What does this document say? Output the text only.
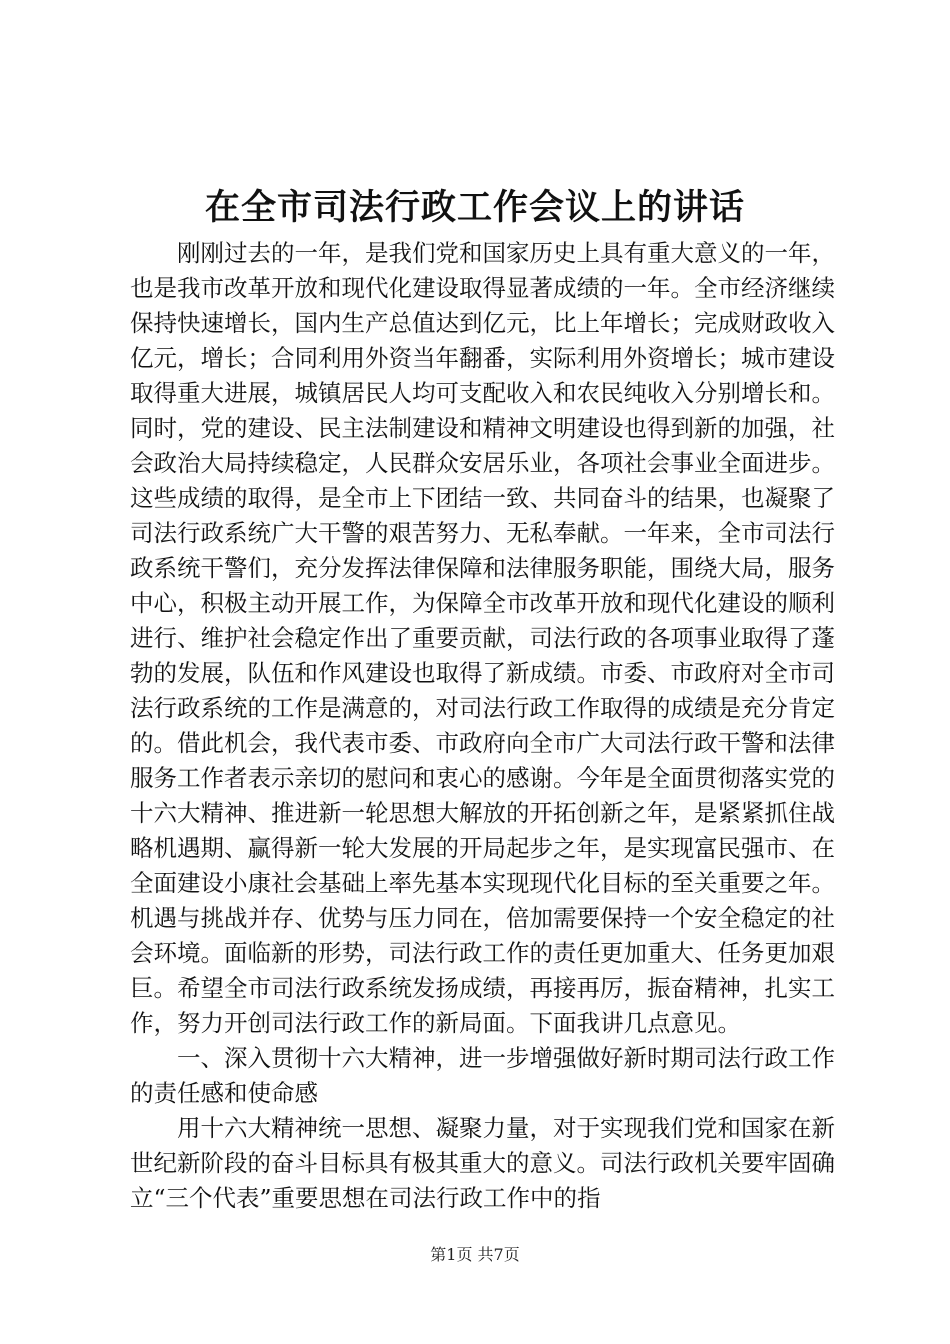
在全市司法行政工作会议上的讲话

刚刚过去的一年，是我们党和国家历史上具有重大意义的一年，也是我市改革开放和现代化建设取得显著成绩的一年。全市经济继续保持快速增长，国内生产总值达到亿元，比上年增长；完成财政收入亿元，增长；合同利用外资当年翻番，实际利用外资增长；城市建设取得重大进展，城镇居民人均可支配收入和农民纯收入分别增长和。同时，党的建设、民主法制建设和精神文明建设也得到新的加强，社会政治大局持续稳定，人民群众安居乐业，各项社会事业全面进步。这些成绩的取得，是全市上下团结一致、共同奋斗的结果，也凝聚了司法行政系统广大干警的艰苦努力、无私奉献。一年来，全市司法行政系统干警们，充分发挥法律保障和法律服务职能，围绕大局，服务中心，积极主动开展工作，为保障全市改革开放和现代化建设的顺利进行、维护社会稳定作出了重要贡献，司法行政的各项事业取得了蓬勃的发展，队伍和作风建设也取得了新成绩。市委、市政府对全市司法行政系统的工作是满意的，对司法行政工作取得的成绩是充分肯定的。借此机会，我代表市委、市政府向全市广大司法行政干警和法律服务工作者表示亲切的慰问和衷心的感谢。今年是全面贯彻落实党的十六大精神、推进新一轮思想大解放的开拓创新之年，是紧紧抓住战略机遇期、赢得新一轮大发展的开局起步之年，是实现富民强市、在全面建设小康社会基础上率先基本实现现代化目标的至关重要之年。机遇与挑战并存、优势与压力同在，倍加需要保持一个安全稳定的社会环境。面临新的形势，司法行政工作的责任更加重大、任务更加艰巨。希望全市司法行政系统发扬成绩，再接再厉，振奋精神，扎实工作，努力开创司法行政工作的新局面。下面我讲几点意见。

一、深入贯彻十六大精神，进一步增强做好新时期司法行政工作的责任感和使命感

用十六大精神统一思想、凝聚力量，对于实现我们党和国家在新世纪新阶段的奋斗目标具有极其重大的意义。司法行政机关要牢固确立“三个代表”重要思想在司法行政工作中的指

第1页 共7页
